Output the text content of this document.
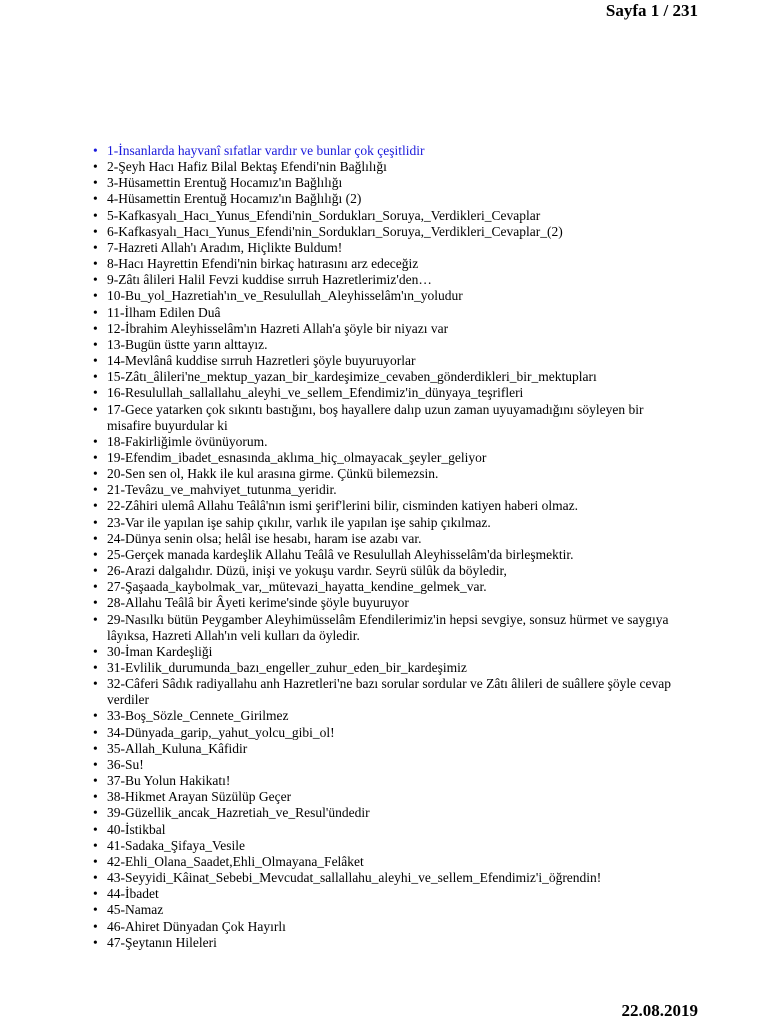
Sayfa 1 / 231
• 1-İnsanlarda hayvanî sıfatlar vardır ve bunlar çok çeşitlidir
• 2-Şeyh Hacı Hafiz Bilal Bektaş Efendi'nin Bağlılığı
• 3-Hüsamettin Erentuğ Hocamız'ın Bağlılığı
• 4-Hüsamettin Erentuğ Hocamız'ın Bağlılığı (2)
• 5-Kafkasyalı_Hacı_Yunus_Efendi'nin_Sordukları_Soruya,_Verdikleri_Cevaplar
• 6-Kafkasyalı_Hacı_Yunus_Efendi'nin_Sordukları_Soruya,_Verdikleri_Cevaplar_(2)
• 7-Hazreti Allah'ı Aradım, Hiçlikte Buldum!
• 8-Hacı Hayrettin Efendi'nin birkaç hatırasını arz edeceğiz
• 9-Zâtı âlileri Halil Fevzi kuddise sırruh Hazretlerimiz'den…
• 10-Bu_yol_Hazretiah'ın_ve_Resulullah_Aleyhisselâm'ın_yoludur
• 11-İlham Edilen Duâ
• 12-İbrahim Aleyhisselâm'ın Hazreti Allah'a şöyle bir niyazı var
• 13-Bugün üstte yarın alttayız.
• 14-Mevlânâ kuddise sırruh Hazretleri şöyle buyuruyorlar
• 15-Zâtı_âlileri'ne_mektup_yazan_bir_kardeşimize_cevaben_gönderdikleri_bir_mektupları
• 16-Resulullah_sallallahu_aleyhi_ve_sellem_Efendimiz'in_dünyaya_teşrifleri
• 17-Gece yatarken çok sıkıntı bastığını, boş hayallere dalıp uzun zaman uyuyamadığını söyleyen bir misafire buyurdular ki
• 18-Fakirliğimle övünüyorum.
• 19-Efendim_ibadet_esnasında_aklıma_hiç_olmayacak_şeyler_geliyor
• 20-Sen sen ol, Hakk ile kul arasına girme. Çünkü bilemezsin.
• 21-Tevâzu_ve_mahviyet_tutunma_yeridir.
• 22-Zâhiri ulemâ Allahu Teâlâ'nın ismi şerif'lerini bilir, cisminden katiyen haberi olmaz.
• 23-Var ile yapılan işe sahip çıkılır, varlık ile yapılan işe sahip çıkılmaz.
• 24-Dünya senin olsa; helâl ise hesabı, haram ise azabı var.
• 25-Gerçek manada kardeşlik Allahu Teâlâ ve Resulullah Aleyhisselâm'da birleşmektir.
• 26-Arazi dalgalıdır. Düzü, inişi ve yokuşu vardır. Seyrü sülûk da böyledir,
• 27-Şaşaada_kaybolmak_var,_mütevazi_hayatta_kendine_gelmek_var.
• 28-Allahu Teâlâ bir Âyeti kerime'sinde şöyle buyuruyor
• 29-Nasılkı bütün Peygamber Aleyhimüsselâm Efendilerimiz'in hepsi sevgiye, sonsuz hürmet ve saygıya lâyıksa, Hazreti Allah'ın veli kulları da öyledir.
• 30-İman Kardeşliği
• 31-Evlilik_durumunda_bazı_engeller_zuhur_eden_bir_kardeşimiz
• 32-Câferi Sâdık radiyallahu anh Hazretleri'ne bazı sorular sordular ve Zâtı âlileri de suâllere şöyle cevap verdiler
• 33-Boş_Sözle_Cennete_Girilmez
• 34-Dünyada_garip,_yahut_yolcu_gibi_ol!
• 35-Allah_Kuluna_Kâfidir
• 36-Su!
• 37-Bu Yolun Hakikatı!
• 38-Hikmet Arayan Süzülüp Geçer
• 39-Güzellik_ancak_Hazretiah_ve_Resul'ündedir
• 40-İstikbal
• 41-Sadaka_Şifaya_Vesile
• 42-Ehli_Olana_Saadet,Ehli_Olmayana_Felâket
• 43-Seyyidi_Kâinat_Sebebi_Mevcudat_sallallahu_aleyhi_ve_sellem_Efendimiz'i_öğrendin!
• 44-İbadet
• 45-Namaz
• 46-Ahiret Dünyadan Çok Hayırlı
• 47-Şeytanın Hileleri
22.08.2019
